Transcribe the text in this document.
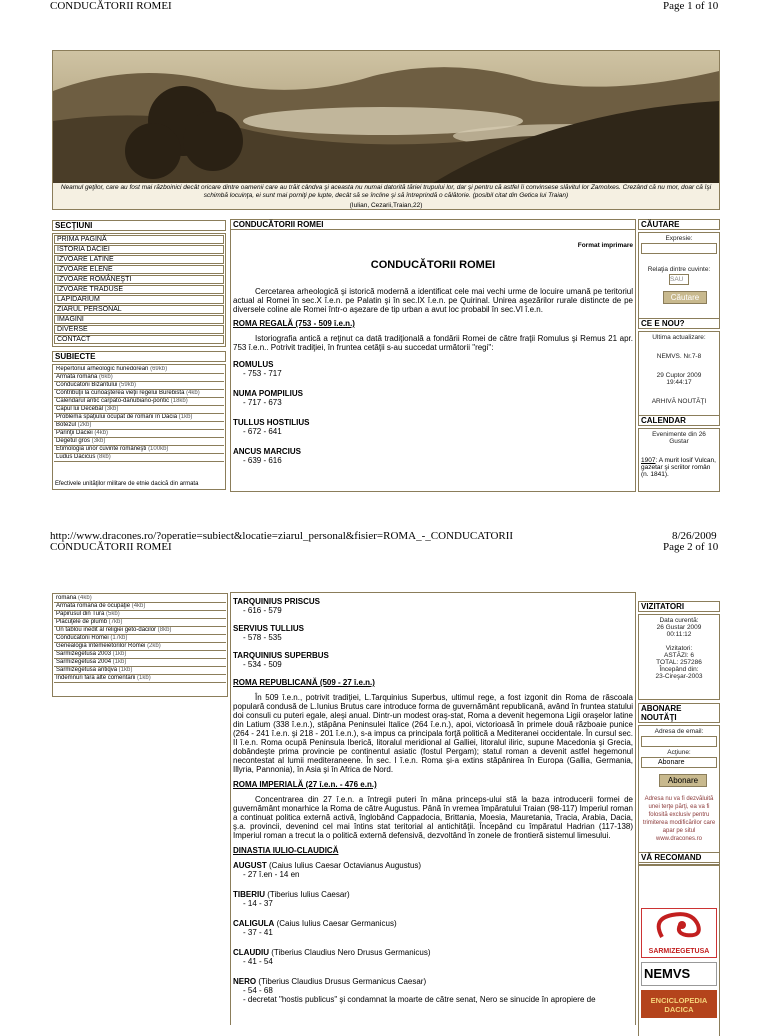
CONDUCĂTORII ROMEI	Page 1 of 10
Neamul geţilor, care au fost mai războinici decât oricare dintre oamenii care au trăit cândva şi aceasta nu numai datorită tăriei trupului lor, dar şi pentru că astfel îi convinsese slăvitul lor Zamolxes. Crezând că nu mor, doar că îşi schimbă locuinţa, ei sunt mai porniţi pe lupte, decât să se încline şi să întreprindă o călătorie. (posibil citat din Getica lui Traian)
(Iulian, Cezarii,Traian,22)
SECŢIUNI
PRIMA PAGINĂ
ISTORIA DACIEI
IZVOARE LATINE
IZVOARE ELENE
IZVOARE ROMÂNEŞTI
IZVOARE TRADUSE
LAPIDARIUM
ZIARUL PERSONAL
IMAGINI
DIVERSE
CONTACT
SUBIECTE
Repertoriul arheologic hunedorean (69kb)
Armata romană (6kb)
Conducătorii Bizantului (59kb)
Contribuţii la cunoaşterea vieţii regelui Burebista (4kb)
Calendarul antic carpato-danubiano-pontic (18kb)
Capul lui Decebal (3kb)
Problema spaţiului ocupat de romani în Dacia (1kb)
Botezul (2kb)
Părinţii Daciei (4kb)
Degetul gros (3kb)
Etimologia unor cuvinte româneşti (100kb)
Ludus Dacicus (8kb)
Efectivele unităţilor militare de etnie dacică din armata
CONDUCĂTORII ROMEI
Format imprimare
CONDUCĂTORII ROMEI

Cercetarea arheologică şi istorică modernă a identificat cele mai vechi urme de locuire umană pe teritoriul actual al Romei în sec.X î.e.n. pe Palatin şi în sec.IX î.e.n. pe Quirinal. Unirea aşezărilor rurale distincte de pe diversele coline ale Romei într-o aşezare de tip urban a avut loc probabil în sec.VI î.e.n.

ROMA REGALĂ (753 - 509 î.e.n.)

Istoriografia antică a reţinut ca dată tradiţională a fondării Romei de către fraţii Romulus şi Remus 21 apr. 753 î.e.n.. Potrivit tradiţiei, în fruntea cetăţii s-au succedat următorii "regi":

ROMULUS
- 753 - 717
NUMA POMPILIUS
- 717 - 673
TULLUS HOSTILIUS
- 672 - 641
ANCUS MARCIUS
- 639 - 616
CĂUTARE
Expresie:
Relaţia dintre cuvinte:
SAU
Căutare
CE E NOU?
Ultima actualizare:
NEMVS. Nr.7-8
29 Cuptor 2009
19:44:17
ARHIVĂ NOUTĂŢI
CALENDAR
Evenimente din 26 Gustar
1907: A murit Iosif Vulcan, gazetar şi scriitor român (n. 1841).
http://www.dracones.ro/?operatie=subiect&locatie=ziarul_personal&fisier=ROMA_-_CONDUCATORII	8/26/2009
CONDUCĂTORII ROMEI	Page 2 of 10
romană (4kb)
Armata romană de ocupaţie (4kb)
Papirusul din Tura (5kb)
Plăcuţele de plumb (7kb)
Un tablou inedit al religiei geto-dacilor (8kb)
Conducătorii Romei (17kb)
Genealogia întemeietorilor Romei (2kb)
Sarmizegetusa 2003 (1kb)
Sarmizegetusa 2004 (1kb)
Sarmizegetusa antiqva (1kb)
Îndemnuri fără alte comentarii (1kb)
TARQUINIUS PRISCUS
- 616 - 579
SERVIUS TULLIUS
- 578 - 535
TARQUINIUS SUPERBUS
- 534 - 509

ROMA REPUBLICANĂ (509 - 27 î.e.n.)

În 509 î.e.n., potrivit tradiţiei, L.Tarquinius Superbus, ultimul rege, a fost izgonit din Roma de răscoala populară condusă de L.Iunius Brutus care introduce forma de guvernământ republicană, având în fruntea statului doi consuli cu puteri egale, aleşi anual. Dintr-un modest oraş-stat, Roma a devenit hegemona Ligii oraşelor latine din Latium (338 î.e.n.), stăpâna Peninsulei Italice (264 î.e.n.), apoi, victorioasă în primele două războaie punice (264 - 241 î.e.n. şi 218 - 201 î.e.n.), s-a impus ca principala forţă politică a Mediteranei occidentale. În cursul sec. II î.e.n. Roma ocupă Peninsula Iberică, litoralul meridional al Galliei, litoralul iliric, supune Macedonia şi Grecia, dobândeşte prima provincie pe continentul asiatic (fostul Pergam); statul roman a devenit astfel hegemonul necontestat al lumii mediteraneene. În sec. I î.e.n. Roma şi-a extins stăpânirea în Europa (Gallia, Germania, Illyria, Pannonia), în Asia şi în Africa de Nord.

ROMA IMPERIALĂ (27 î.e.n. - 476 e.n.)

Concentrarea din 27 î.e.n. a întregii puteri în mâna princeps-ului stă la baza introducerii formei de guvernământ monarhice la Roma de către Augustus. Până în vremea împăratului Traian (98-117) Imperiul roman a continuat politica externă activă, înglobând Cappadocia, Brittania, Moesia, Mauretania, Tracia, Arabia, Dacia, ş.a. provincii, devenind cel mai întins stat teritorial al antichităţii. Începând cu împăratul Hadrian (117-138) Imperiul roman a trecut la o politică externă defensivă, dezvoltând în zonele de frontieră sistemul limesului.

DINASTIA IULIO-CLAUDICĂ

AUGUST (Caius Iulius Caesar Octavianus Augustus)
- 27 î.en - 14 en
TIBERIU (Tiberius Iulius Caesar)
- 14 - 37
CALIGULA (Caius Iulius Caesar Germanicus)
- 37 - 41
CLAUDIU (Tiberius Claudius Nero Drusus Germanicus)
- 41 - 54
NERO (Tiberius Claudius Drusus Germanicus Caesar)
- 54 - 68

- decretat "hostis publicus" şi condamnat la moarte de către senat, Nero se sinucide în apropiere de

VIZITATORI
Data curentă:
26 Gustar 2009
00:11:12
Vizitatori:
ASTĂZI: 6
TOTAL: 257286
Începând din:
23-Cireşar-2003
ABONARE NOUTĂŢI
Adresa de email:
Acţiune:
Abonare
Abonare
Adresa nu va fi dezvăluită unei terţe părţi, ea va fi folosită exclusiv pentru trimiterea modificărilor care apar pe situl www.dracones.ro
VĂ RECOMAND
SARMIZEGETUSA
NEMVS
ENCICLOPEDIA DACICA
